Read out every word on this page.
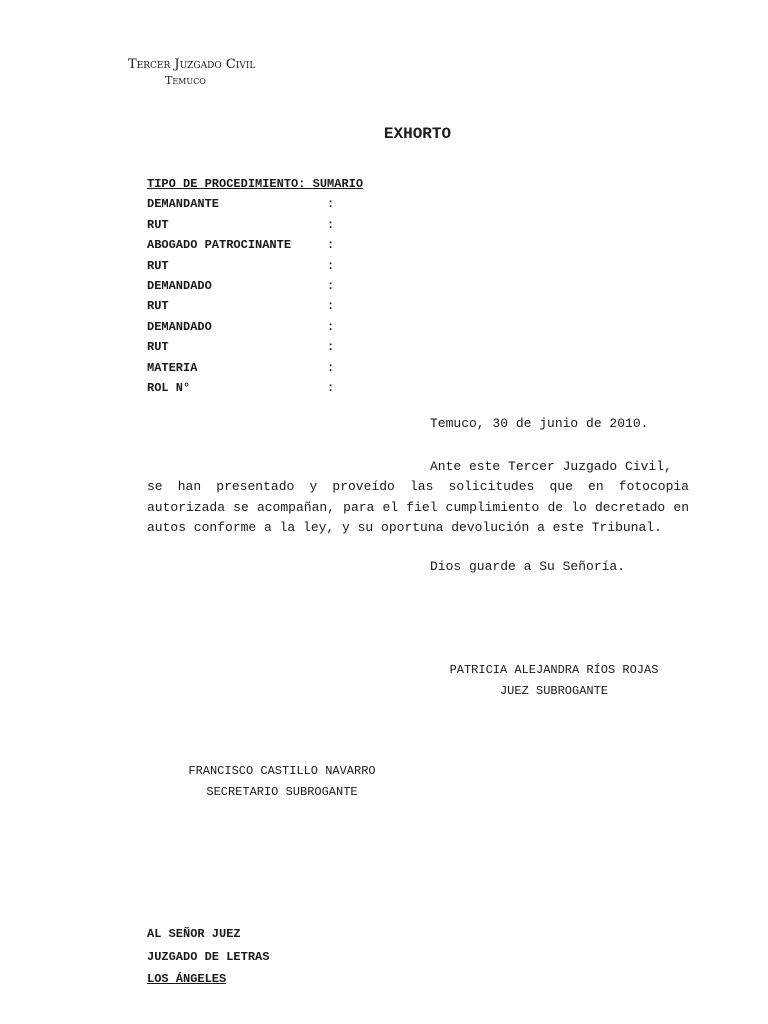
Tercer Juzgado Civil
Temuco
EXHORTO
TIPO DE PROCEDIMIENTO: SUMARIO
DEMANDANTE	:
RUT	:
ABOGADO PATROCINANTE	:
RUT	:
DEMANDADO	:
RUT	:
DEMANDADO	:
RUT	:
MATERIA	:
ROL N°	:
Temuco, 30 de junio de 2010.
Ante este Tercer Juzgado Civil,
se han presentado y proveído las solicitudes que en fotocopia autorizada se acompañan, para el fiel cumplimiento de lo decretado en autos conforme a la ley, y su oportuna devolución a este Tribunal.
Dios guarde a Su Señoría.
PATRICIA ALEJANDRA RÍOS ROJAS
JUEZ SUBROGANTE
FRANCISCO CASTILLO NAVARRO
SECRETARIO SUBROGANTE
AL SEÑOR JUEZ
JUZGADO DE LETRAS
LOS ÁNGELES
